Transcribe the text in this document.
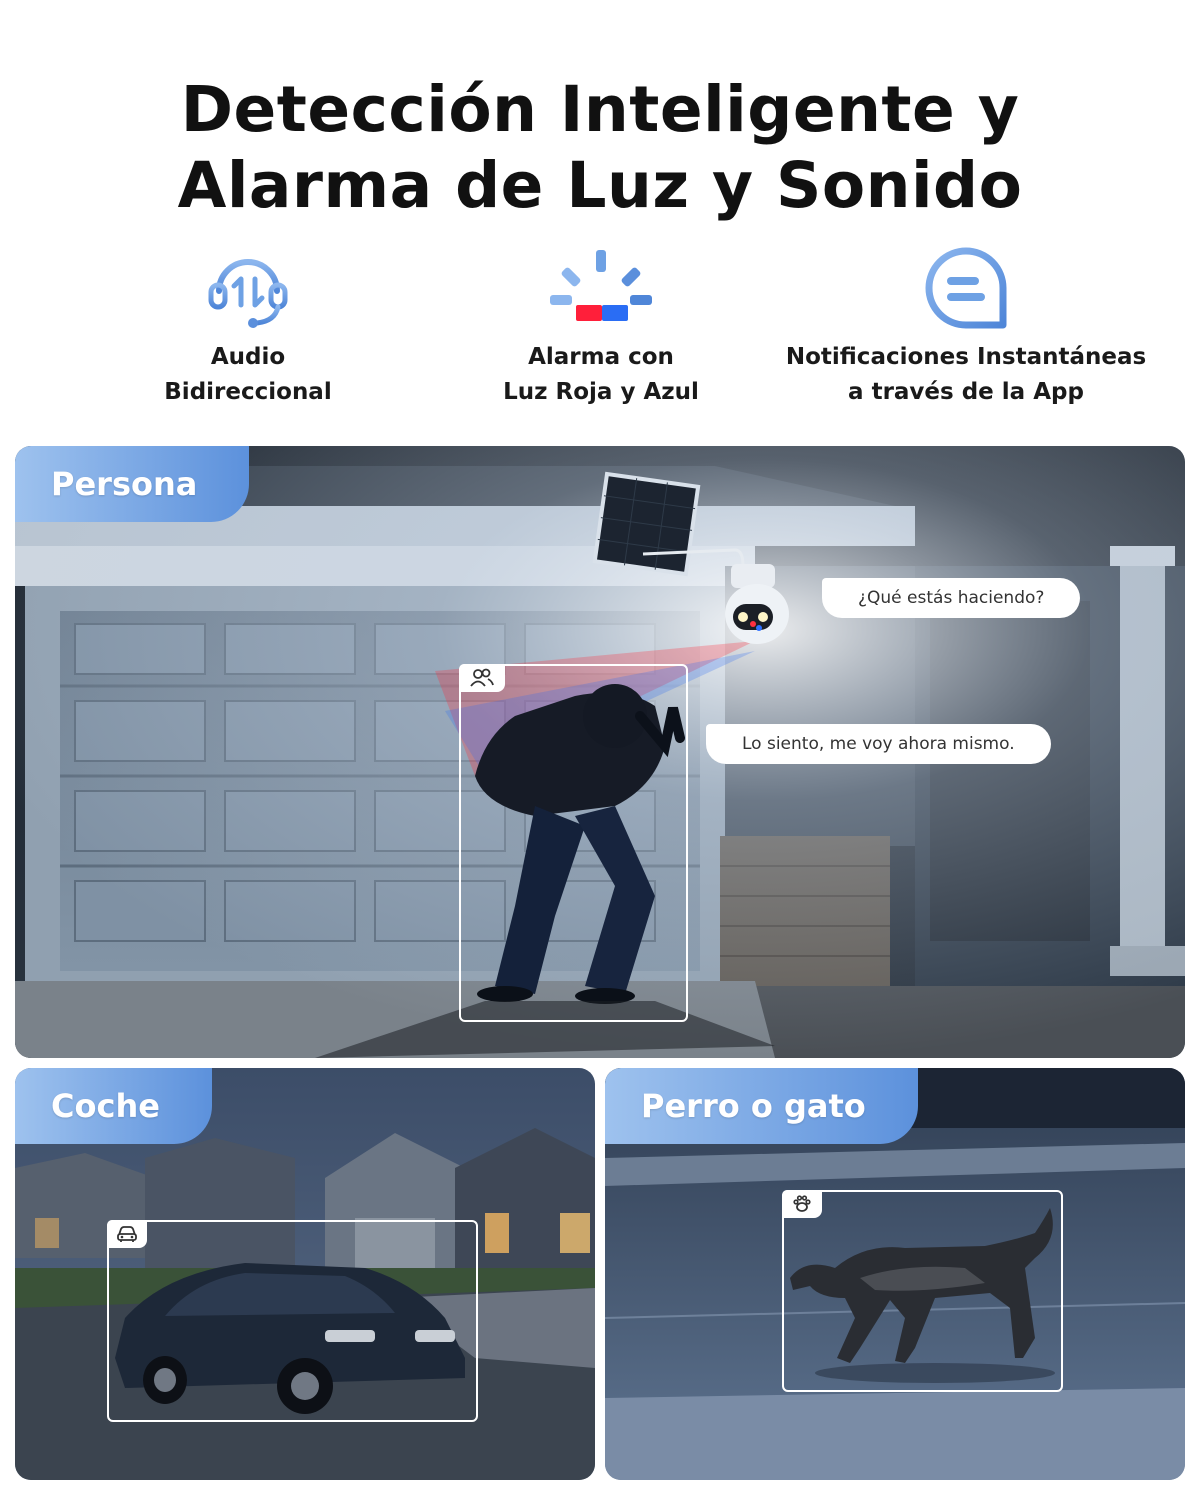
Detección Inteligente y
Alarma de Luz y Sonido
Audio
Bidireccional
Alarma con
Luz Roja y Azul
Notificaciones Instantáneas
a través de la App
Persona
¿Qué estás haciendo?
Lo siento, me voy ahora mismo.
Coche	Perro o gato
